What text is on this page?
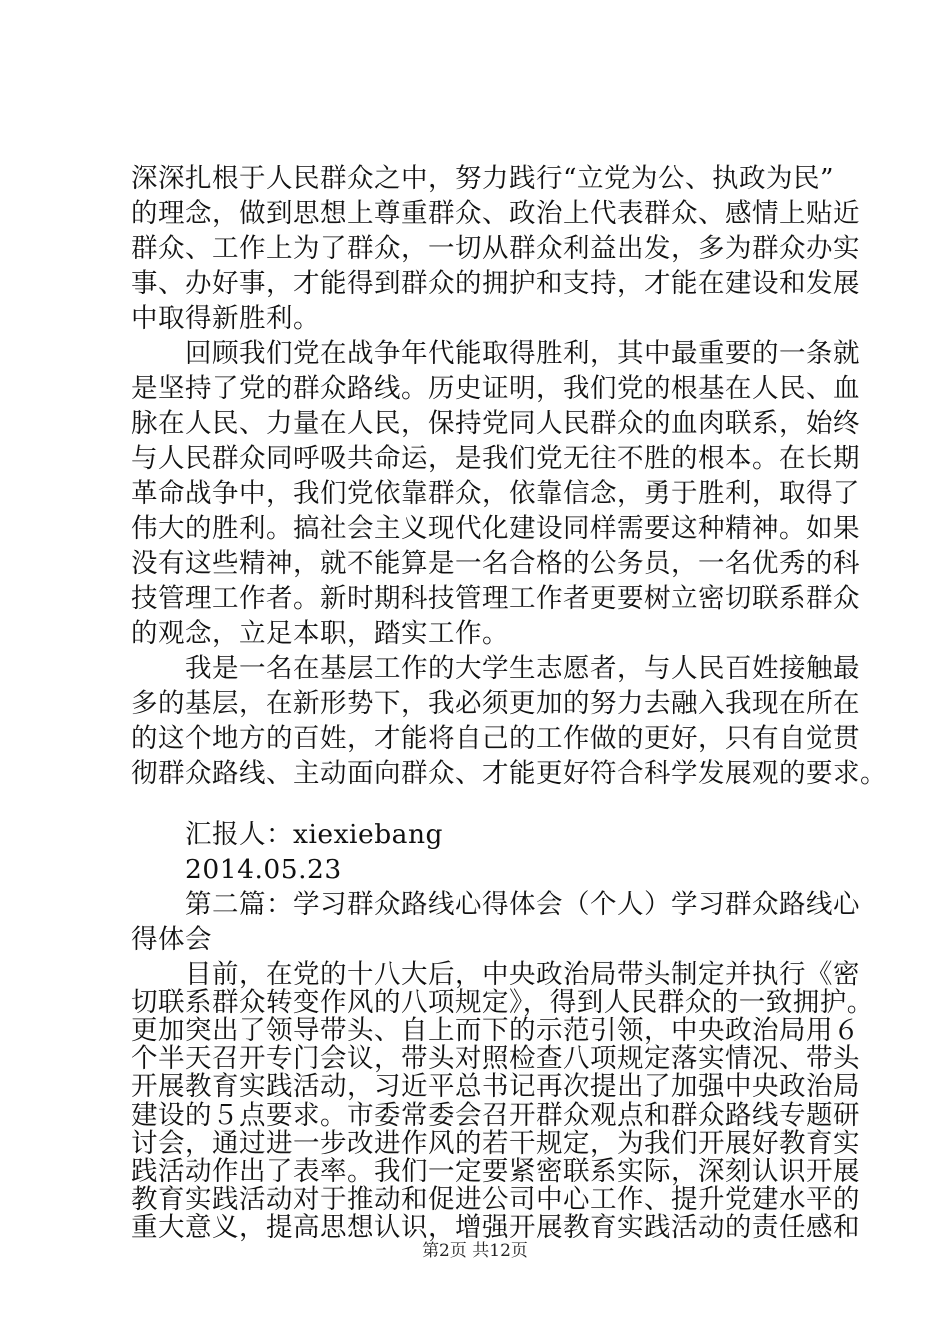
深深扎根于人民群众之中，努力践行“立党为公、执政为民”
的理念，做到思想上尊重群众、政治上代表群众、感情上贴近
群众、工作上为了群众，一切从群众利益出发，多为群众办实
事、办好事，才能得到群众的拥护和支持，才能在建设和发展
中取得新胜利。
　　回顾我们党在战争年代能取得胜利，其中最重要的一条就
是坚持了党的群众路线。历史证明，我们党的根基在人民、血
脉在人民、力量在人民，保持党同人民群众的血肉联系，始终
与人民群众同呼吸共命运，是我们党无往不胜的根本。在长期
革命战争中，我们党依靠群众，依靠信念，勇于胜利，取得了
伟大的胜利。搞社会主义现代化建设同样需要这种精神。如果
没有这些精神，就不能算是一名合格的公务员，一名优秀的科
技管理工作者。新时期科技管理工作者更要树立密切联系群众
的观念，立足本职，踏实工作。
　　我是一名在基层工作的大学生志愿者，与人民百姓接触最
多的基层，在新形势下，我必须更加的努力去融入我现在所在
的这个地方的百姓，才能将自己的工作做的更好，只有自觉贯
彻群众路线、主动面向群众、才能更好符合科学发展观的要求。
　　汇报人：xiexiebang
　　2014.05.23
　　第二篇：学习群众路线心得体会（个人）学习群众路线心
得体会
　　目前，在党的十八大后，中央政治局带头制定并执行《密
切联系群众转变作风的八项规定》，得到人民群众的一致拥护。
更加突出了领导带头、自上而下的示范引领，中央政治局用６
个半天召开专门会议，带头对照检查八项规定落实情况、带头
开展教育实践活动，习近平总书记再次提出了加强中央政治局
建设的５点要求。市委常委会召开群众观点和群众路线专题研
讨会，通过进一步改进作风的若干规定，为我们开展好教育实
践活动作出了表率。我们一定要紧密联系实际，深刻认识开展
教育实践活动对于推动和促进公司中心工作、提升党建水平的
重大意义，提高思想认识，增强开展教育实践活动的责任感和
第2页 共12页
